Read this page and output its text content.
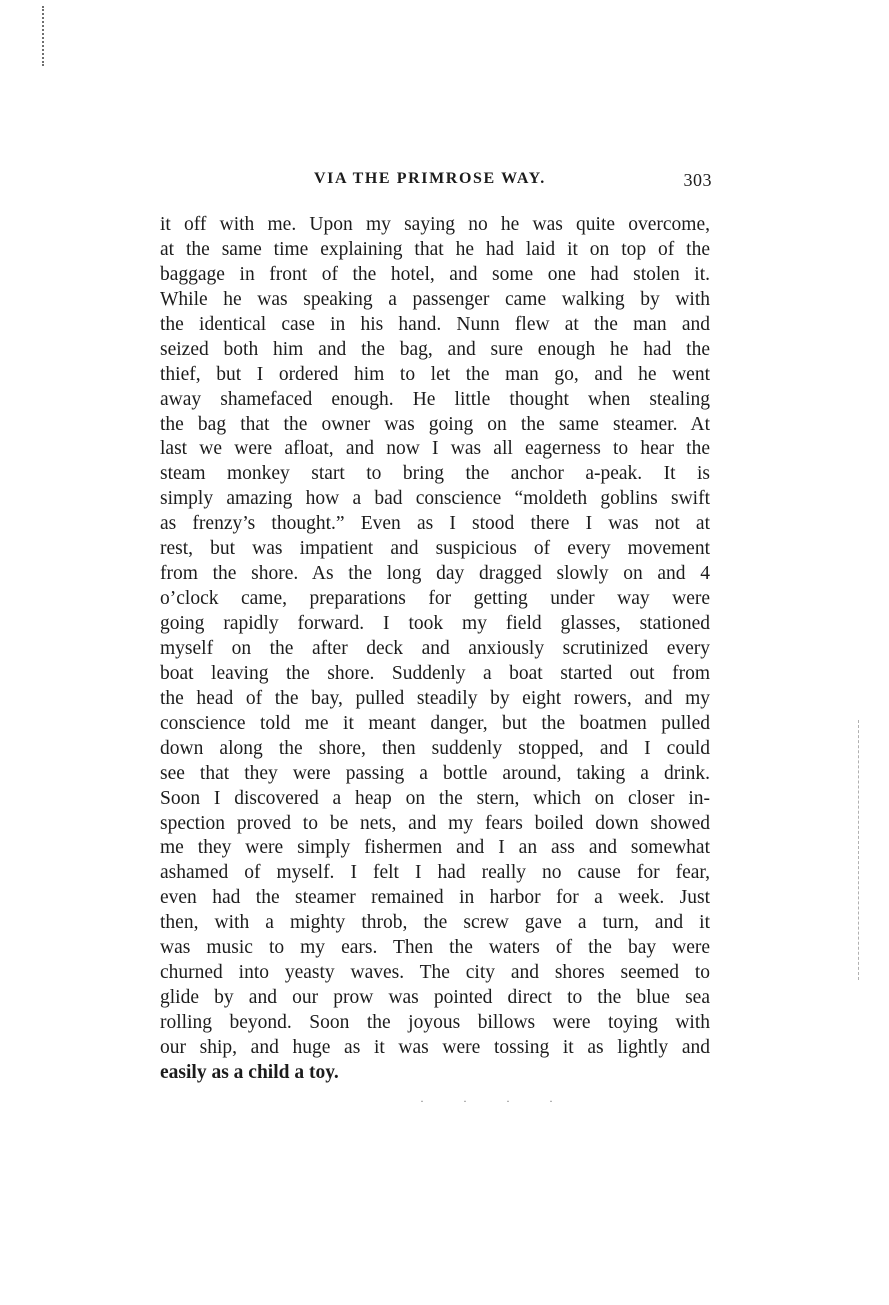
VIA THE PRIMROSE WAY.	303
it off with me. Upon my saying no he was quite overcome,
at the same time explaining that he had laid it on top of the
baggage in front of the hotel, and some one had stolen it.
While he was speaking a passenger came walking by with
the identical case in his hand. Nunn flew at the man and
seized both him and the bag, and sure enough he had the
thief, but I ordered him to let the man go, and he went
away shamefaced enough. He little thought when stealing
the bag that the owner was going on the same steamer. At
last we were afloat, and now I was all eagerness to hear the
steam monkey start to bring the anchor a-peak. It is
simply amazing how a bad conscience “moldeth goblins swift
as frenzy’s thought.” Even as I stood there I was not at
rest, but was impatient and suspicious of every movement
from the shore. As the long day dragged slowly on and 4
o’clock came, preparations for getting under way were
going rapidly forward. I took my field glasses, stationed
myself on the after deck and anxiously scrutinized every
boat leaving the shore. Suddenly a boat started out from
the head of the bay, pulled steadily by eight rowers, and my
conscience told me it meant danger, but the boatmen pulled
down along the shore, then suddenly stopped, and I could
see that they were passing a bottle around, taking a drink.
Soon I discovered a heap on the stern, which on closer in-
spection proved to be nets, and my fears boiled down showed
me they were simply fishermen and I an ass and somewhat
ashamed of myself. I felt I had really no cause for fear,
even had the steamer remained in harbor for a week. Just
then, with a mighty throb, the screw gave a turn, and it
was music to my ears. Then the waters of the bay were
churned into yeasty waves. The city and shores seemed to
glide by and our prow was pointed direct to the blue sea
rolling beyond. Soon the joyous billows were toying with
our ship, and huge as it was were tossing it as lightly and
easily as a child a toy.
· · · ·
